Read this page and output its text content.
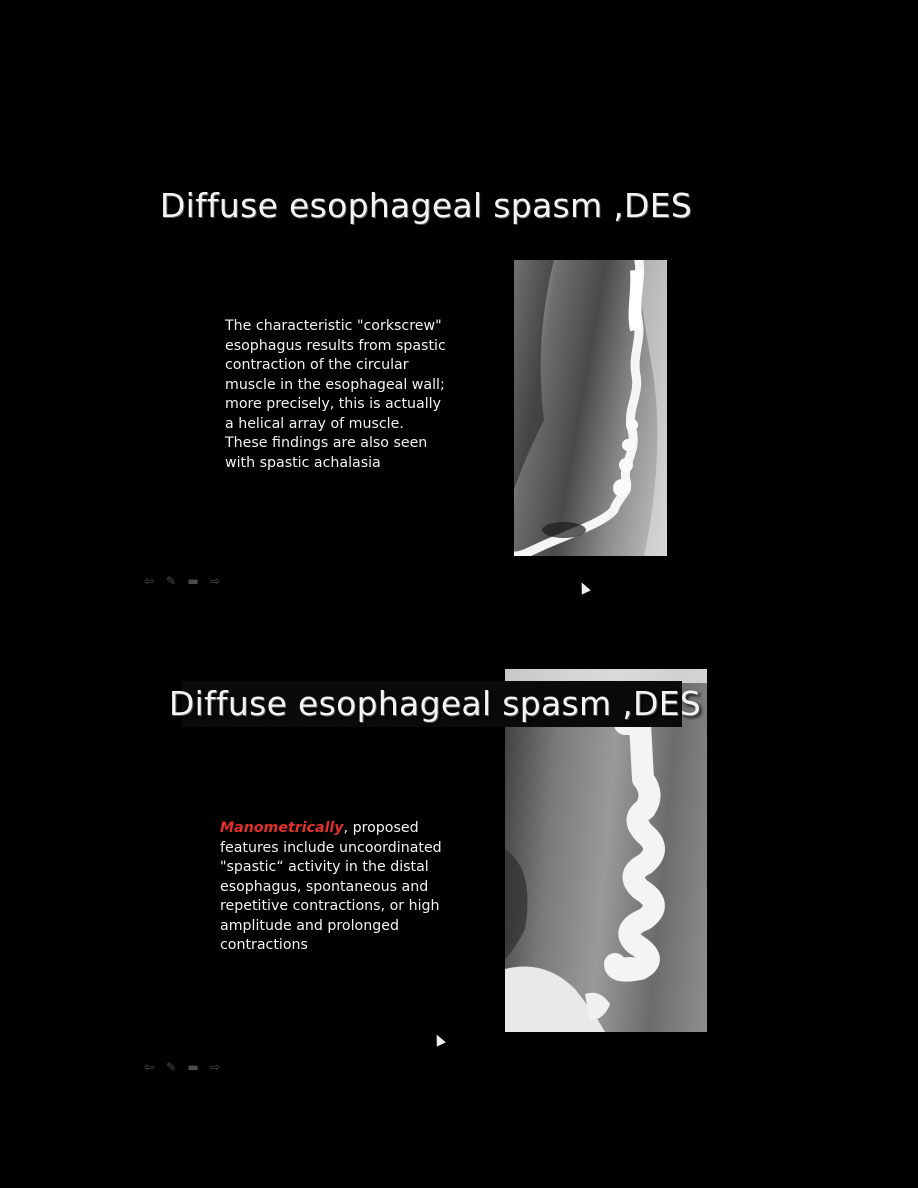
Diffuse esophageal spasm ,DES
The characteristic "corkscrew" esophagus results from spastic contraction of the circular muscle in the esophageal wall; more precisely, this is actually a helical array of muscle. These findings are also seen with spastic achalasia
⇦ ✎ ▬ ⇨
Diffuse esophageal spasm ,DES
Manometrically, proposed features include uncoordinated "spastic“ activity in the distal esophagus, spontaneous and repetitive contractions, or high amplitude and prolonged contractions
⇦ ✎ ▬ ⇨
